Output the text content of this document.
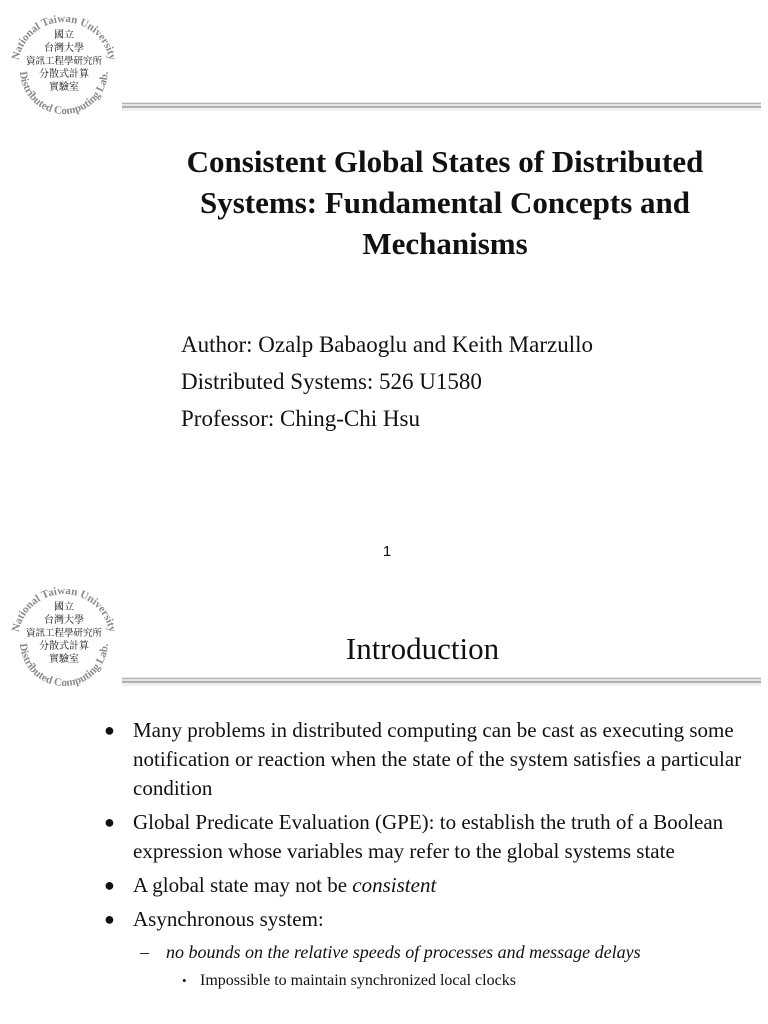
National Taiwan University
Distributed Computing Lab.
國立
台灣大學
資訊工程學研究所
分散式計算
實驗室
Consistent Global States of Distributed
Systems: Fundamental Concepts and
Mechanisms
Author: Ozalp Babaoglu and Keith Marzullo
Distributed Systems: 526 U1580
Professor: Ching-Chi Hsu
1
National Taiwan University
Distributed Computing Lab.
國立
台灣大學
資訊工程學研究所
分散式計算
實驗室	Introduction
● Many problems in distributed computing can be cast as executing some notification or reaction when the state of the system satisfies a particular condition
● Global Predicate Evaluation (GPE): to establish the truth of a Boolean expression whose variables may refer to the global systems state
● A global state may not be consistent
● Asynchronous system:
– no bounds on the relative speeds of processes and message delays
• Impossible to maintain synchronized local clocks
